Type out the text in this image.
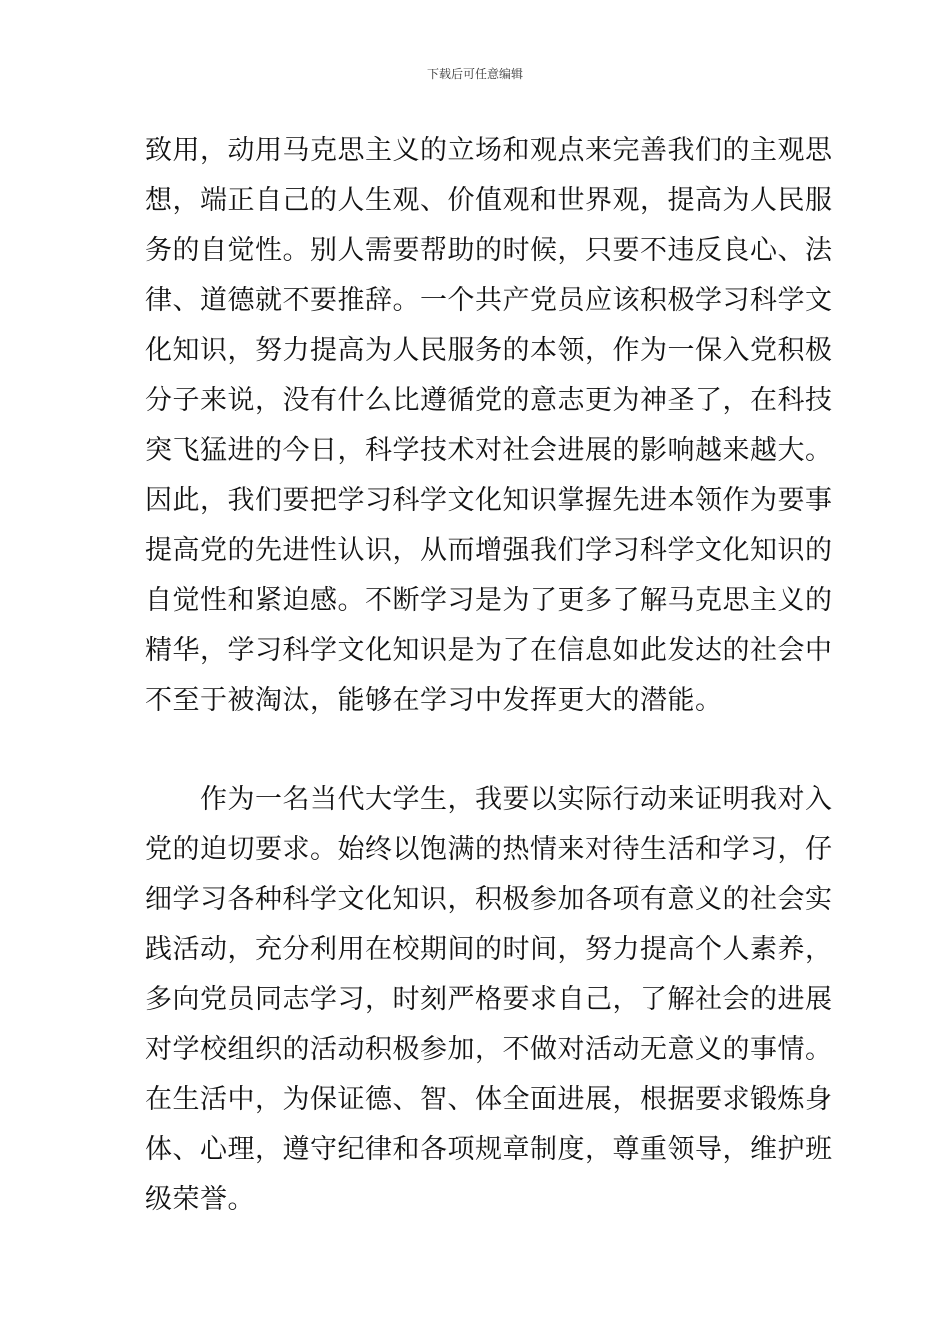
下载后可任意编辑
致用，动用马克思主义的立场和观点来完善我们的主观思
想，端正自己的人生观、价值观和世界观，提高为人民服
务的自觉性。别人需要帮助的时候，只要不违反良心、法
律、道德就不要推辞。一个共产党员应该积极学习科学文
化知识，努力提高为人民服务的本领，作为一保入党积极
分子来说，没有什么比遵循党的意志更为神圣了，在科技
突飞猛进的今日，科学技术对社会进展的影响越来越大。
因此，我们要把学习科学文化知识掌握先进本领作为要事
提高党的先进性认识，从而增强我们学习科学文化知识的
自觉性和紧迫感。不断学习是为了更多了解马克思主义的
精华，学习科学文化知识是为了在信息如此发达的社会中
不至于被淘汰，能够在学习中发挥更大的潜能。
　　作为一名当代大学生，我要以实际行动来证明我对入
党的迫切要求。始终以饱满的热情来对待生活和学习，仔
细学习各种科学文化知识，积极参加各项有意义的社会实
践活动，充分利用在校期间的时间，努力提高个人素养，
多向党员同志学习，时刻严格要求自己，了解社会的进展
对学校组织的活动积极参加，不做对活动无意义的事情。
在生活中，为保证德、智、体全面进展，根据要求锻炼身
体、心理，遵守纪律和各项规章制度，尊重领导，维护班
级荣誉。
